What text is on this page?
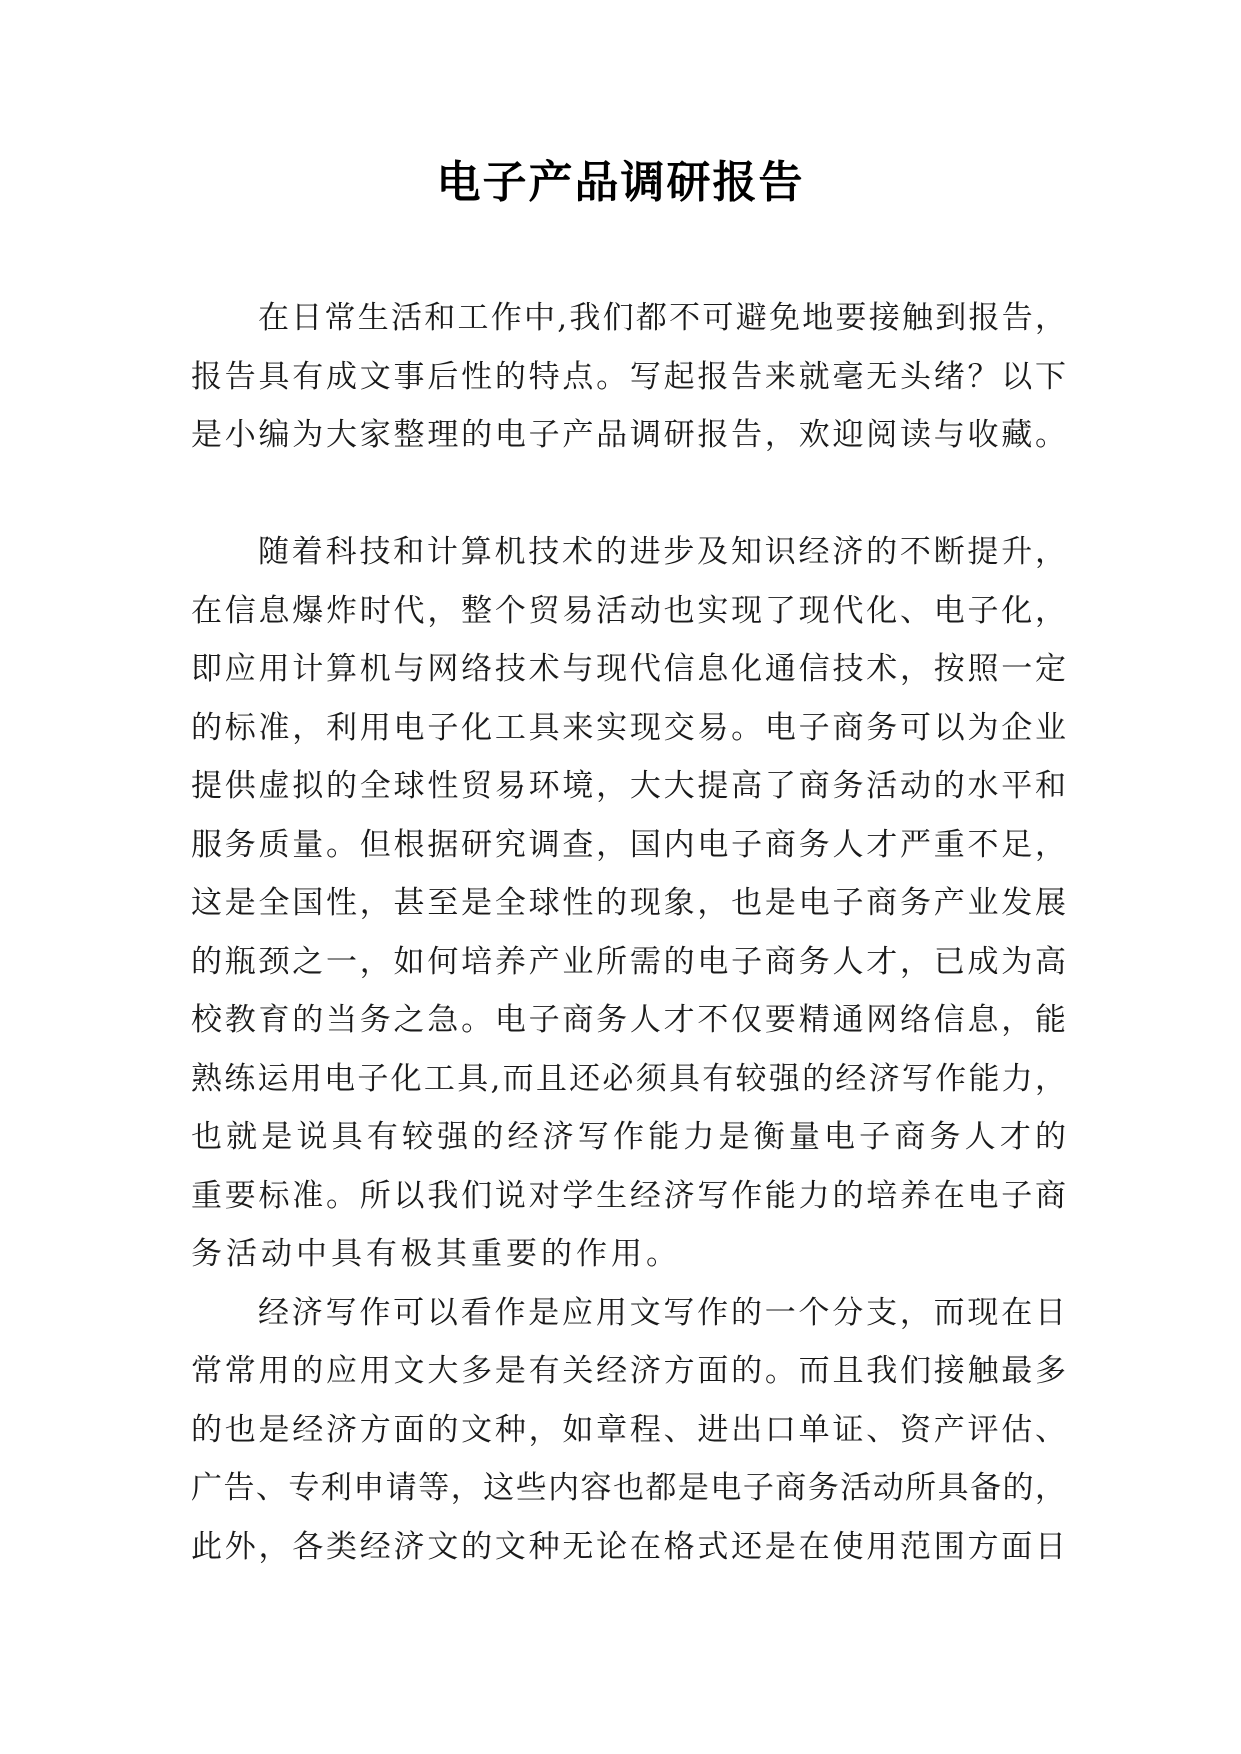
电子产品调研报告
在日常生活和工作中,我们都不可避免地要接触到报告，
报告具有成文事后性的特点。写起报告来就毫无头绪？以下
是小编为大家整理的电子产品调研报告，欢迎阅读与收藏。
随着科技和计算机技术的进步及知识经济的不断提升，
在信息爆炸时代，整个贸易活动也实现了现代化、电子化，
即应用计算机与网络技术与现代信息化通信技术，按照一定
的标准，利用电子化工具来实现交易。电子商务可以为企业
提供虚拟的全球性贸易环境，大大提高了商务活动的水平和
服务质量。但根据研究调查，国内电子商务人才严重不足，
这是全国性，甚至是全球性的现象，也是电子商务产业发展
的瓶颈之一，如何培养产业所需的电子商务人才，已成为高
校教育的当务之急。电子商务人才不仅要精通网络信息，能
熟练运用电子化工具,而且还必须具有较强的经济写作能力，
也就是说具有较强的经济写作能力是衡量电子商务人才的
重要标准。所以我们说对学生经济写作能力的培养在电子商
务活动中具有极其重要的作用。
经济写作可以看作是应用文写作的一个分支，而现在日
常常用的应用文大多是有关经济方面的。而且我们接触最多
的也是经济方面的文种，如章程、进出口单证、资产评估、
广告、专利申请等，这些内容也都是电子商务活动所具备的，
此外，各类经济文的文种无论在格式还是在使用范围方面日
